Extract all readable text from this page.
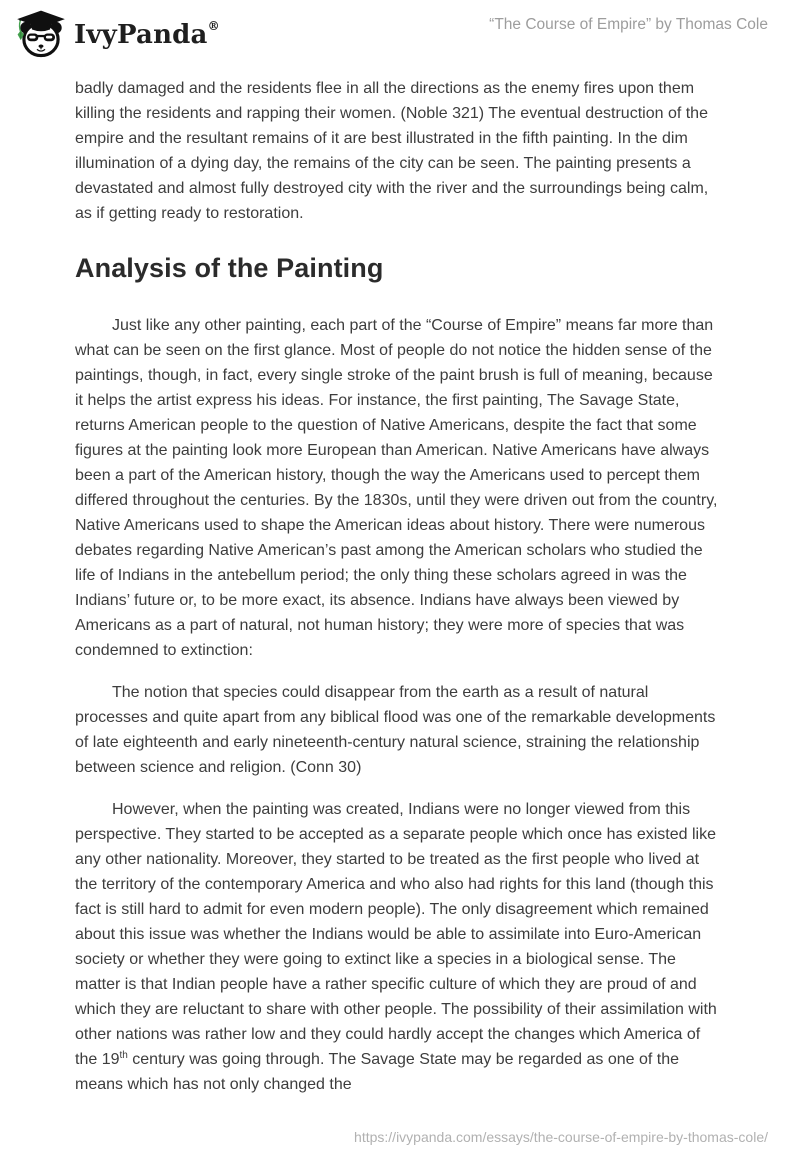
IvyPanda®	“The Course of Empire” by Thomas Cole

badly damaged and the residents flee in all the directions as the enemy fires upon them killing the residents and rapping their women. (Noble 321) The eventual destruction of the empire and the resultant remains of it are best illustrated in the fifth painting. In the dim illumination of a dying day, the remains of the city can be seen. The painting presents a devastated and almost fully destroyed city with the river and the surroundings being calm, as if getting ready to restoration.

Analysis of the Painting

Just like any other painting, each part of the “Course of Empire” means far more than what can be seen on the first glance. Most of people do not notice the hidden sense of the paintings, though, in fact, every single stroke of the paint brush is full of meaning, because it helps the artist express his ideas. For instance, the first painting, The Savage State, returns American people to the question of Native Americans, despite the fact that some figures at the painting look more European than American. Native Americans have always been a part of the American history, though the way the Americans used to percept them differed throughout the centuries. By the 1830s, until they were driven out from the country, Native Americans used to shape the American ideas about history. There were numerous debates regarding Native American’s past among the American scholars who studied the life of Indians in the antebellum period; the only thing these scholars agreed in was the Indians’ future or, to be more exact, its absence. Indians have always been viewed by Americans as a part of natural, not human history; they were more of species that was condemned to extinction:

The notion that species could disappear from the earth as a result of natural processes and quite apart from any biblical flood was one of the remarkable developments of late eighteenth and early nineteenth-century natural science, straining the relationship between science and religion. (Conn 30)

However, when the painting was created, Indians were no longer viewed from this perspective. They started to be accepted as a separate people which once has existed like any other nationality. Moreover, they started to be treated as the first people who lived at the territory of the contemporary America and who also had rights for this land (though this fact is still hard to admit for even modern people). The only disagreement which remained about this issue was whether the Indians would be able to assimilate into Euro-American society or whether they were going to extinct like a species in a biological sense. The matter is that Indian people have a rather specific culture of which they are proud of and which they are reluctant to share with other people. The possibility of their assimilation with other nations was rather low and they could hardly accept the changes which America of the 19th century was going through. The Savage State may be regarded as one of the means which has not only changed the

https://ivypanda.com/essays/the-course-of-empire-by-thomas-cole/
